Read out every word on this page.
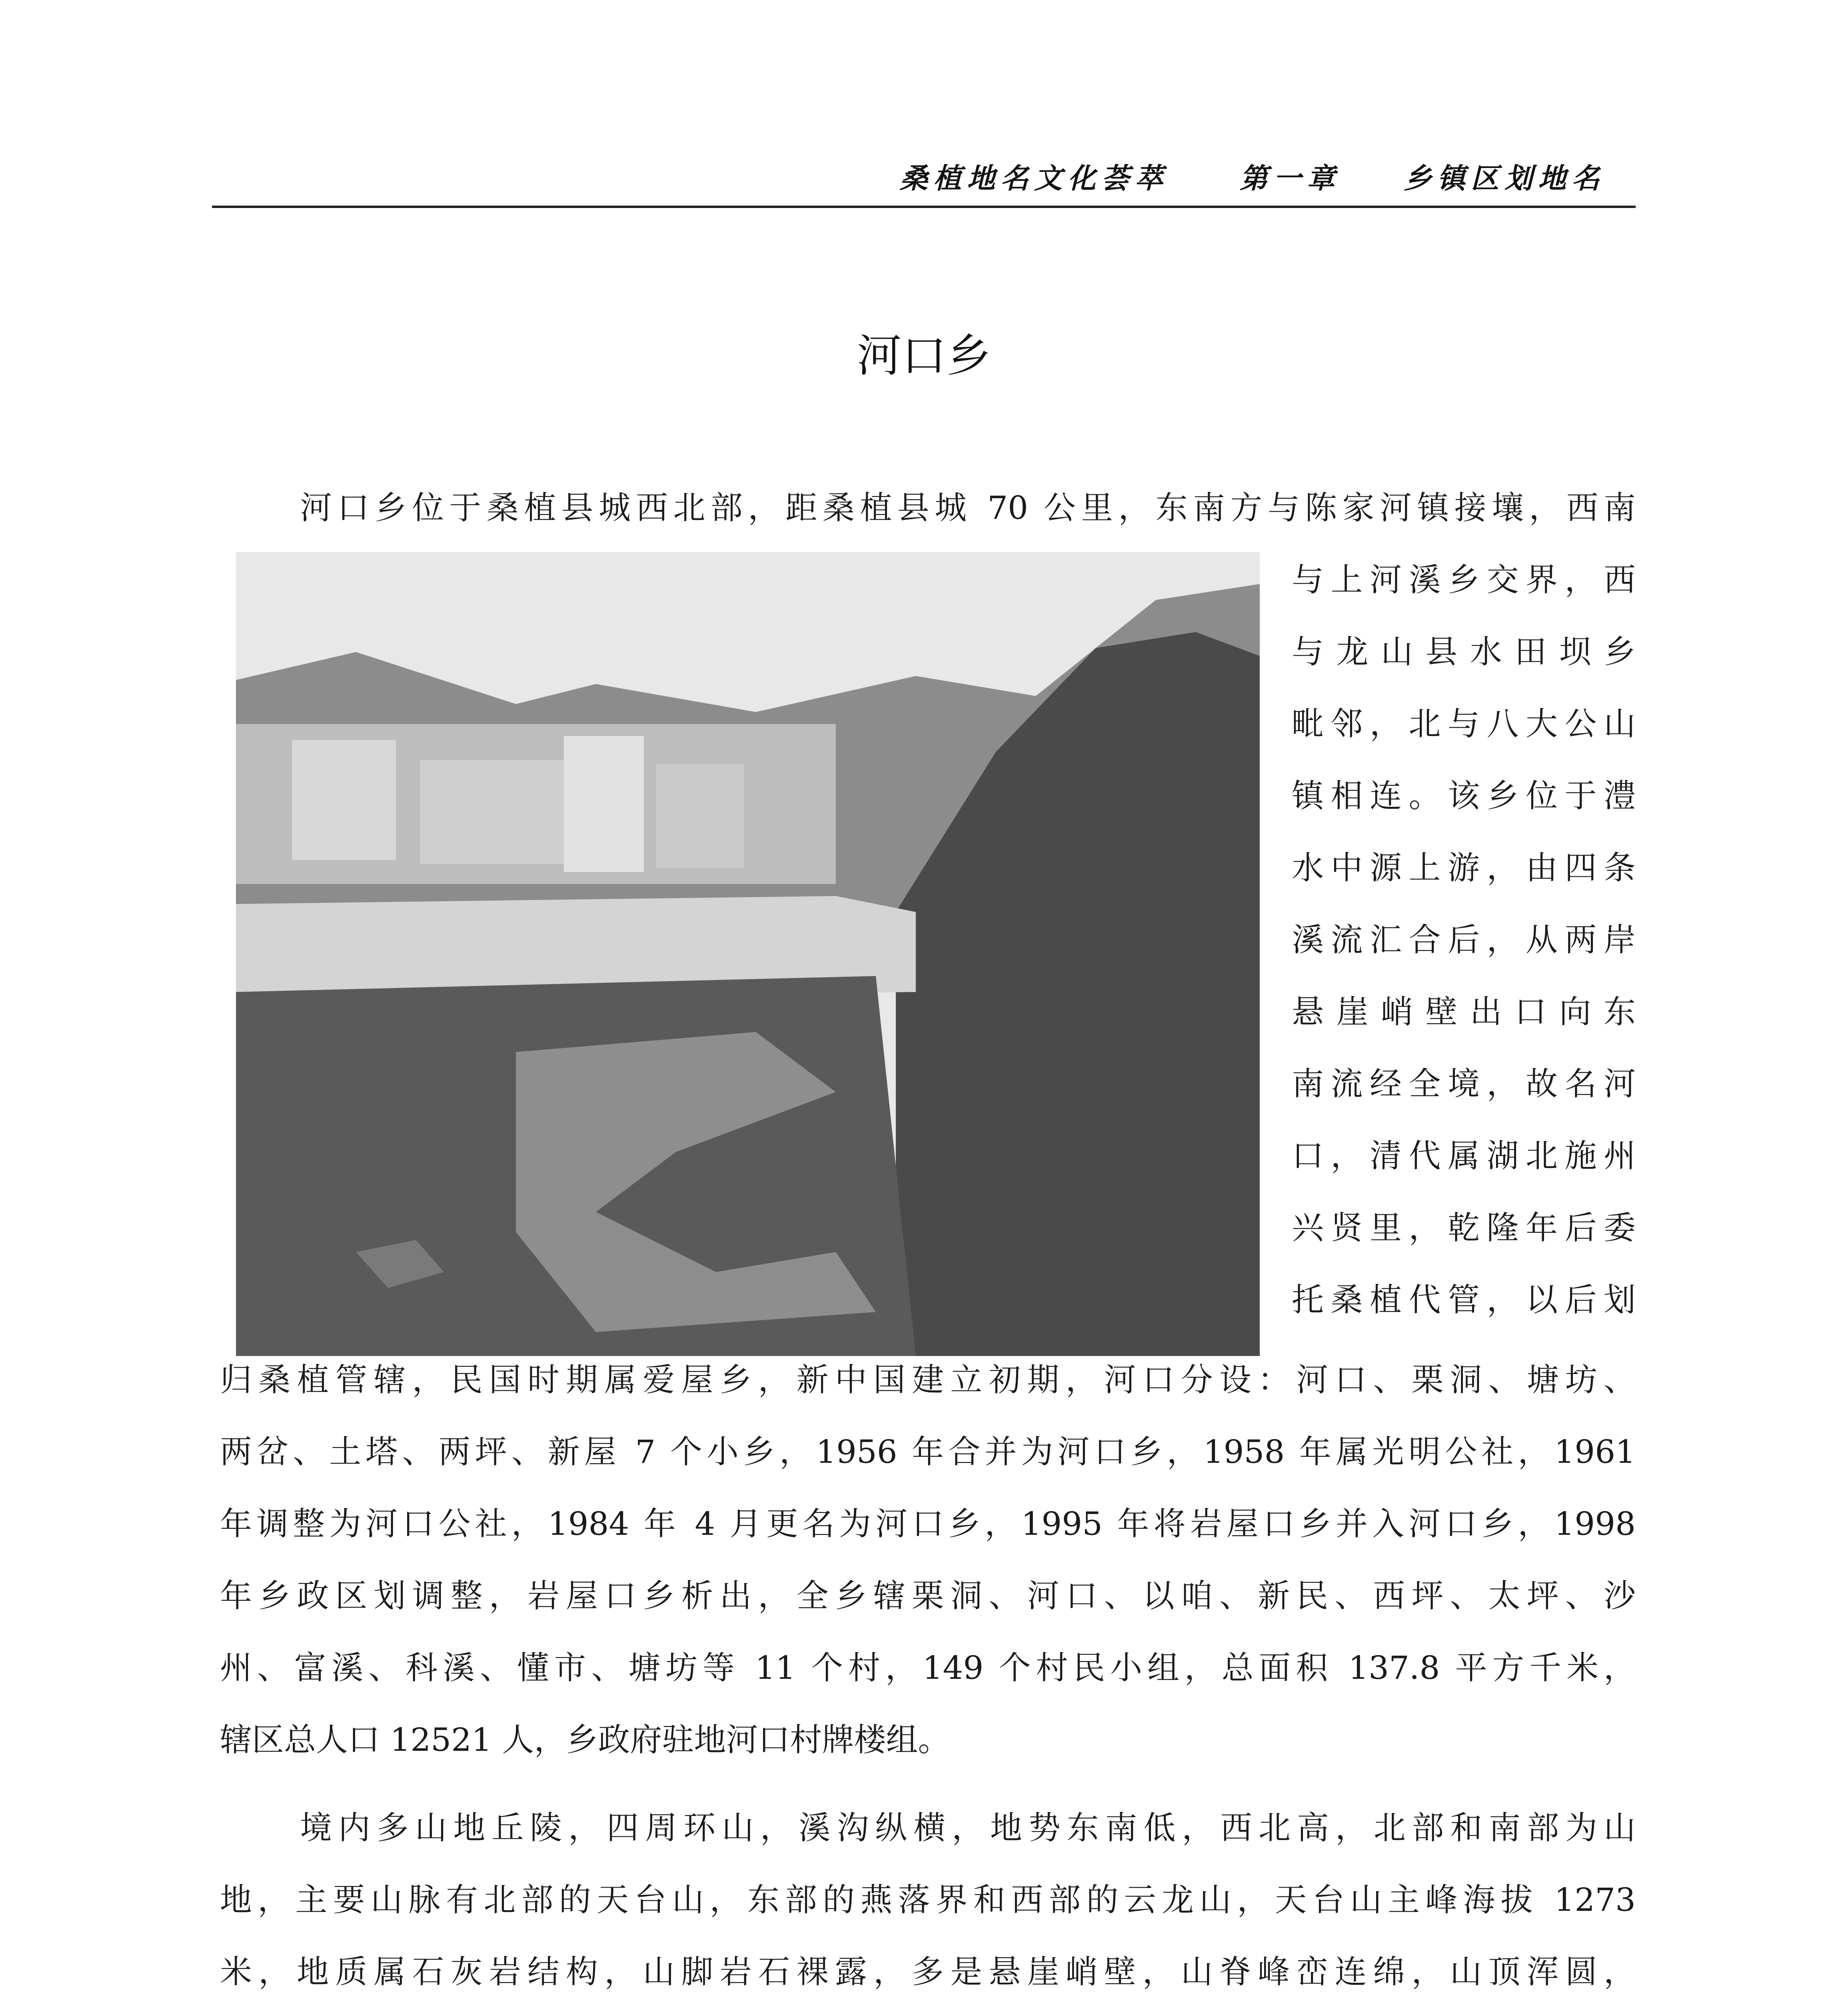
桑植地名文化荟萃	第一章 乡镇区划地名
河口乡
河口乡位于桑植县城西北部，距桑植县城 70 公里，东南方与陈家河镇接壤，西南
与上河溪乡交界，西
与龙山县水田坝乡
毗邻，北与八大公山
镇相连。该乡位于澧
水中源上游，由四条
溪流汇合后，从两岸
悬崖峭壁出口向东
南流经全境，故名河
口，清代属湖北施州
兴贤里，乾隆年后委
托桑植代管，以后划
归桑植管辖，民国时期属爱屋乡，新中国建立初期，河口分设：河口、栗洞、塘坊、
两岔、土塔、两坪、新屋 7 个小乡，1956 年合并为河口乡，1958 年属光明公社，1961
年调整为河口公社，1984 年 4 月更名为河口乡，1995 年将岩屋口乡并入河口乡，1998
年乡政区划调整，岩屋口乡析出，全乡辖栗洞、河口、以咱、新民、西坪、太坪、沙
州、富溪、科溪、懂市、塘坊等 11 个村，149 个村民小组，总面积 137.8 平方千米，
辖区总人口 12521 人，乡政府驻地河口村牌楼组。
境内多山地丘陵，四周环山，溪沟纵横，地势东南低，西北高，北部和南部为山
地，主要山脉有北部的天台山，东部的燕落界和西部的云龙山，天台山主峰海拔 1273
米，地质属石灰岩结构，山脚岩石裸露，多是悬崖峭壁，山脊峰峦连绵，山顶浑圆，
